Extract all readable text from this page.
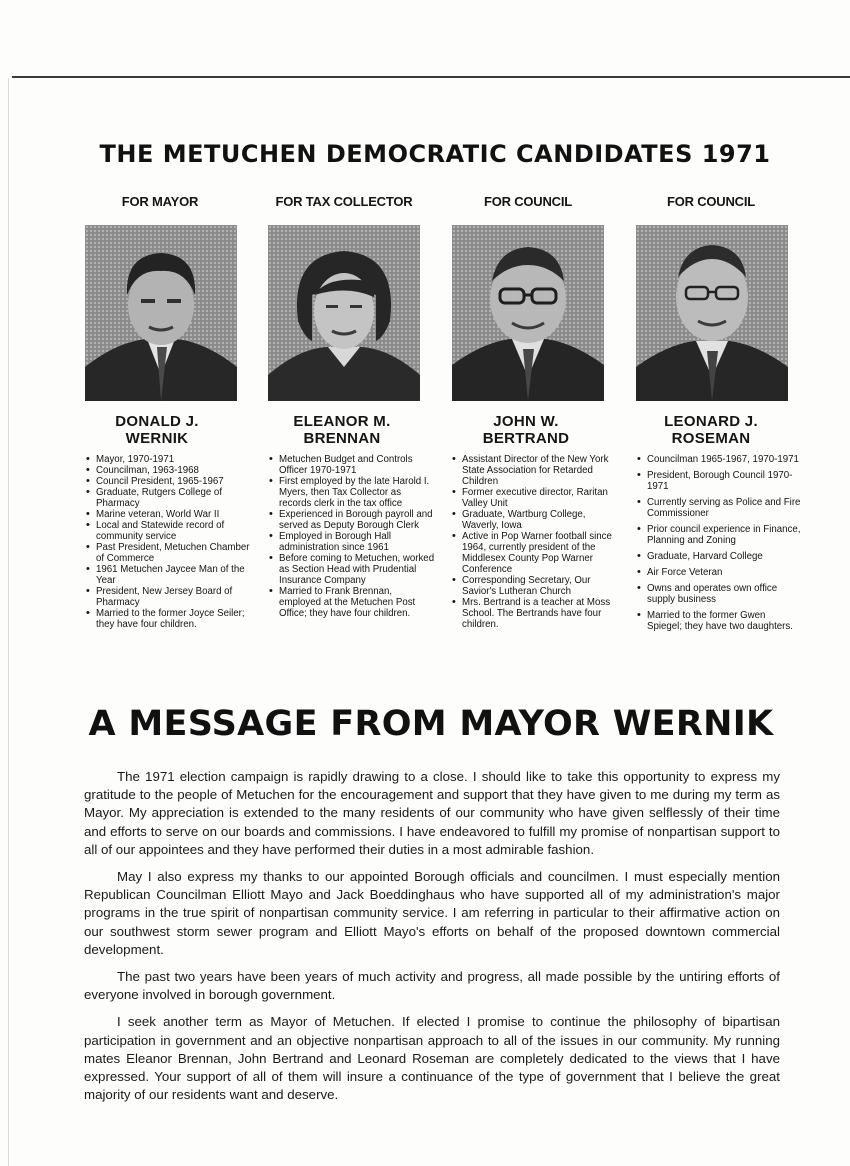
THE METUCHEN DEMOCRATIC CANDIDATES 1971
FOR MAYOR
DONALD J.
WERNIK
• Mayor, 1970-1971
• Councilman, 1963-1968
• Council President, 1965-1967
• Graduate, Rutgers College of Pharmacy
• Marine veteran, World War II
• Local and Statewide record of community service
• Past President, Metuchen Chamber of Commerce
• 1961 Metuchen Jaycee Man of the Year
• President, New Jersey Board of Pharmacy
• Married to the former Joyce Seiler; they have four children.
FOR TAX COLLECTOR
ELEANOR M.
BRENNAN
• Metuchen Budget and Controls Officer 1970-1971
• First employed by the late Harold I. Myers, then Tax Collector as records clerk in the tax office
• Experienced in Borough payroll and served as Deputy Borough Clerk
• Employed in Borough Hall administration since 1961
• Before coming to Metuchen, worked as Section Head with Prudential Insurance Company
• Married to Frank Brennan, employed at the Metuchen Post Office; they have four children.
FOR COUNCIL
JOHN W.
BERTRAND
• Assistant Director of the New York State Association for Retarded Children
• Former executive director, Raritan Valley Unit
• Graduate, Wartburg College, Waverly, Iowa
• Active in Pop Warner football since 1964, currently president of the Middlesex County Pop Warner Conference
• Corresponding Secretary, Our Savior's Lutheran Church
• Mrs. Bertrand is a teacher at Moss School. The Bertrands have four children.
FOR COUNCIL
LEONARD J.
ROSEMAN
• Councilman 1965-1967, 1970-1971
• President, Borough Council 1970-1971
• Currently serving as Police and Fire Commissioner
• Prior council experience in Finance, Planning and Zoning
• Graduate, Harvard College
• Air Force Veteran
• Owns and operates own office supply business
• Married to the former Gwen Spiegel; they have two daughters.
A MESSAGE FROM MAYOR WERNIK

The 1971 election campaign is rapidly drawing to a close. I should like to take this opportunity to express my gratitude to the people of Metuchen for the encouragement and support that they have given to me during my term as Mayor. My appreciation is extended to the many residents of our community who have given selflessly of their time and efforts to serve on our boards and commissions. I have endeavored to fulfill my promise of nonpartisan support to all of our appointees and they have performed their duties in a most admirable fashion.

May I also express my thanks to our appointed Borough officials and councilmen. I must especially mention Republican Councilman Elliott Mayo and Jack Boeddinghaus who have supported all of my administration's major programs in the true spirit of nonpartisan community service. I am referring in particular to their affirmative action on our southwest storm sewer program and Elliott Mayo's efforts on behalf of the proposed downtown commercial development.

The past two years have been years of much activity and progress, all made possible by the untiring efforts of everyone involved in borough government.

I seek another term as Mayor of Metuchen. If elected I promise to continue the philosophy of bipartisan participation in government and an objective nonpartisan approach to all of the issues in our community. My running mates Eleanor Brennan, John Bertrand and Leonard Roseman are completely dedicated to the views that I have expressed. Your support of all of them will insure a continuance of the type of government that I believe the great majority of our residents want and deserve.
